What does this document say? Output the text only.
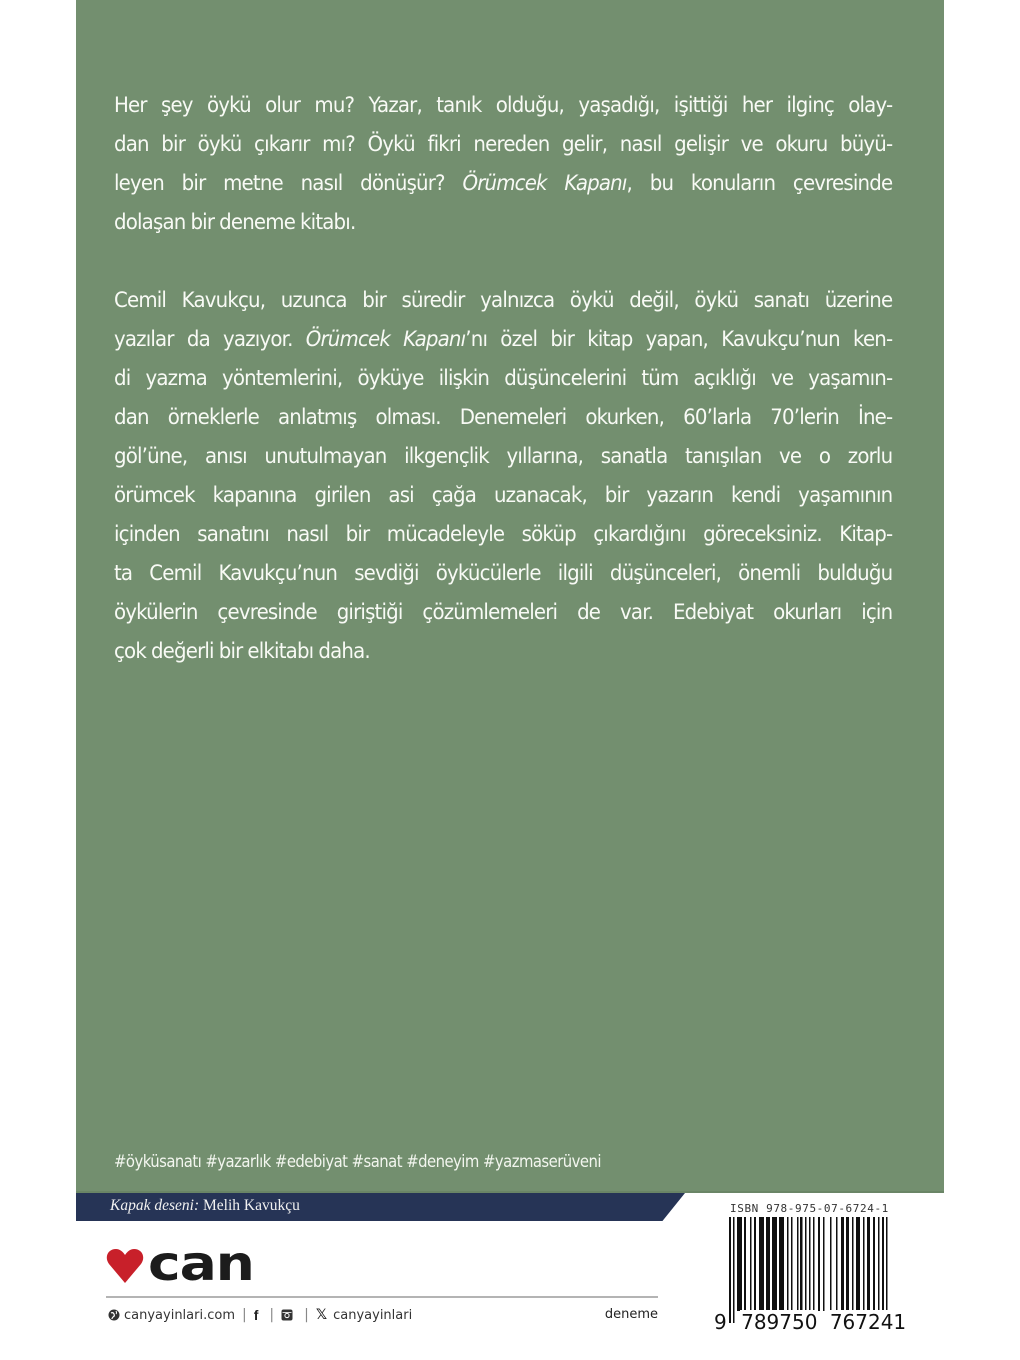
Her şey öykü olur mu? Yazar, tanık olduğu, yaşadığı, işittiği her ilginç olay-
dan bir öykü çıkarır mı? Öykü fikri nereden gelir, nasıl gelişir ve okuru büyü-
leyen bir metne nasıl dönüşür? Örümcek Kapanı, bu konuların çevresinde
dolaşan bir deneme kitabı.

Cemil Kavukçu, uzunca bir süredir yalnızca öykü değil, öykü sanatı üzerine
yazılar da yazıyor. Örümcek Kapanı’nı özel bir kitap yapan, Kavukçu’nun ken-
di yazma yöntemlerini, öyküye ilişkin düşüncelerini tüm açıklığı ve yaşamın-
dan örneklerle anlatmış olması. Denemeleri okurken, 60’larla 70’lerin İne-
göl’üne, anısı unutulmayan ilkgençlik yıllarına, sanatla tanışılan ve o zorlu
örümcek kapanına girilen asi çağa uzanacak, bir yazarın kendi yaşamının
içinden sanatını nasıl bir mücadeleyle söküp çıkardığını göreceksiniz. Kitap-
ta Cemil Kavukçu’nun sevdiği öykücülerle ilgili düşünceleri, önemli bulduğu
öykülerin çevresinde giriştiği çözümlemeleri de var. Edebiyat okurları için
çok değerli bir elkitabı daha.

#öyküsanatı #yazarlık #edebiyat #sanat #deneyim #yazmaserüveni
Kapak deseni: Melih Kavukçu
can
canyayinlari.com | f | | 𝕏 canyayinlari	deneme
ISBN 978-975-07-6724-1
9 789750 767241
